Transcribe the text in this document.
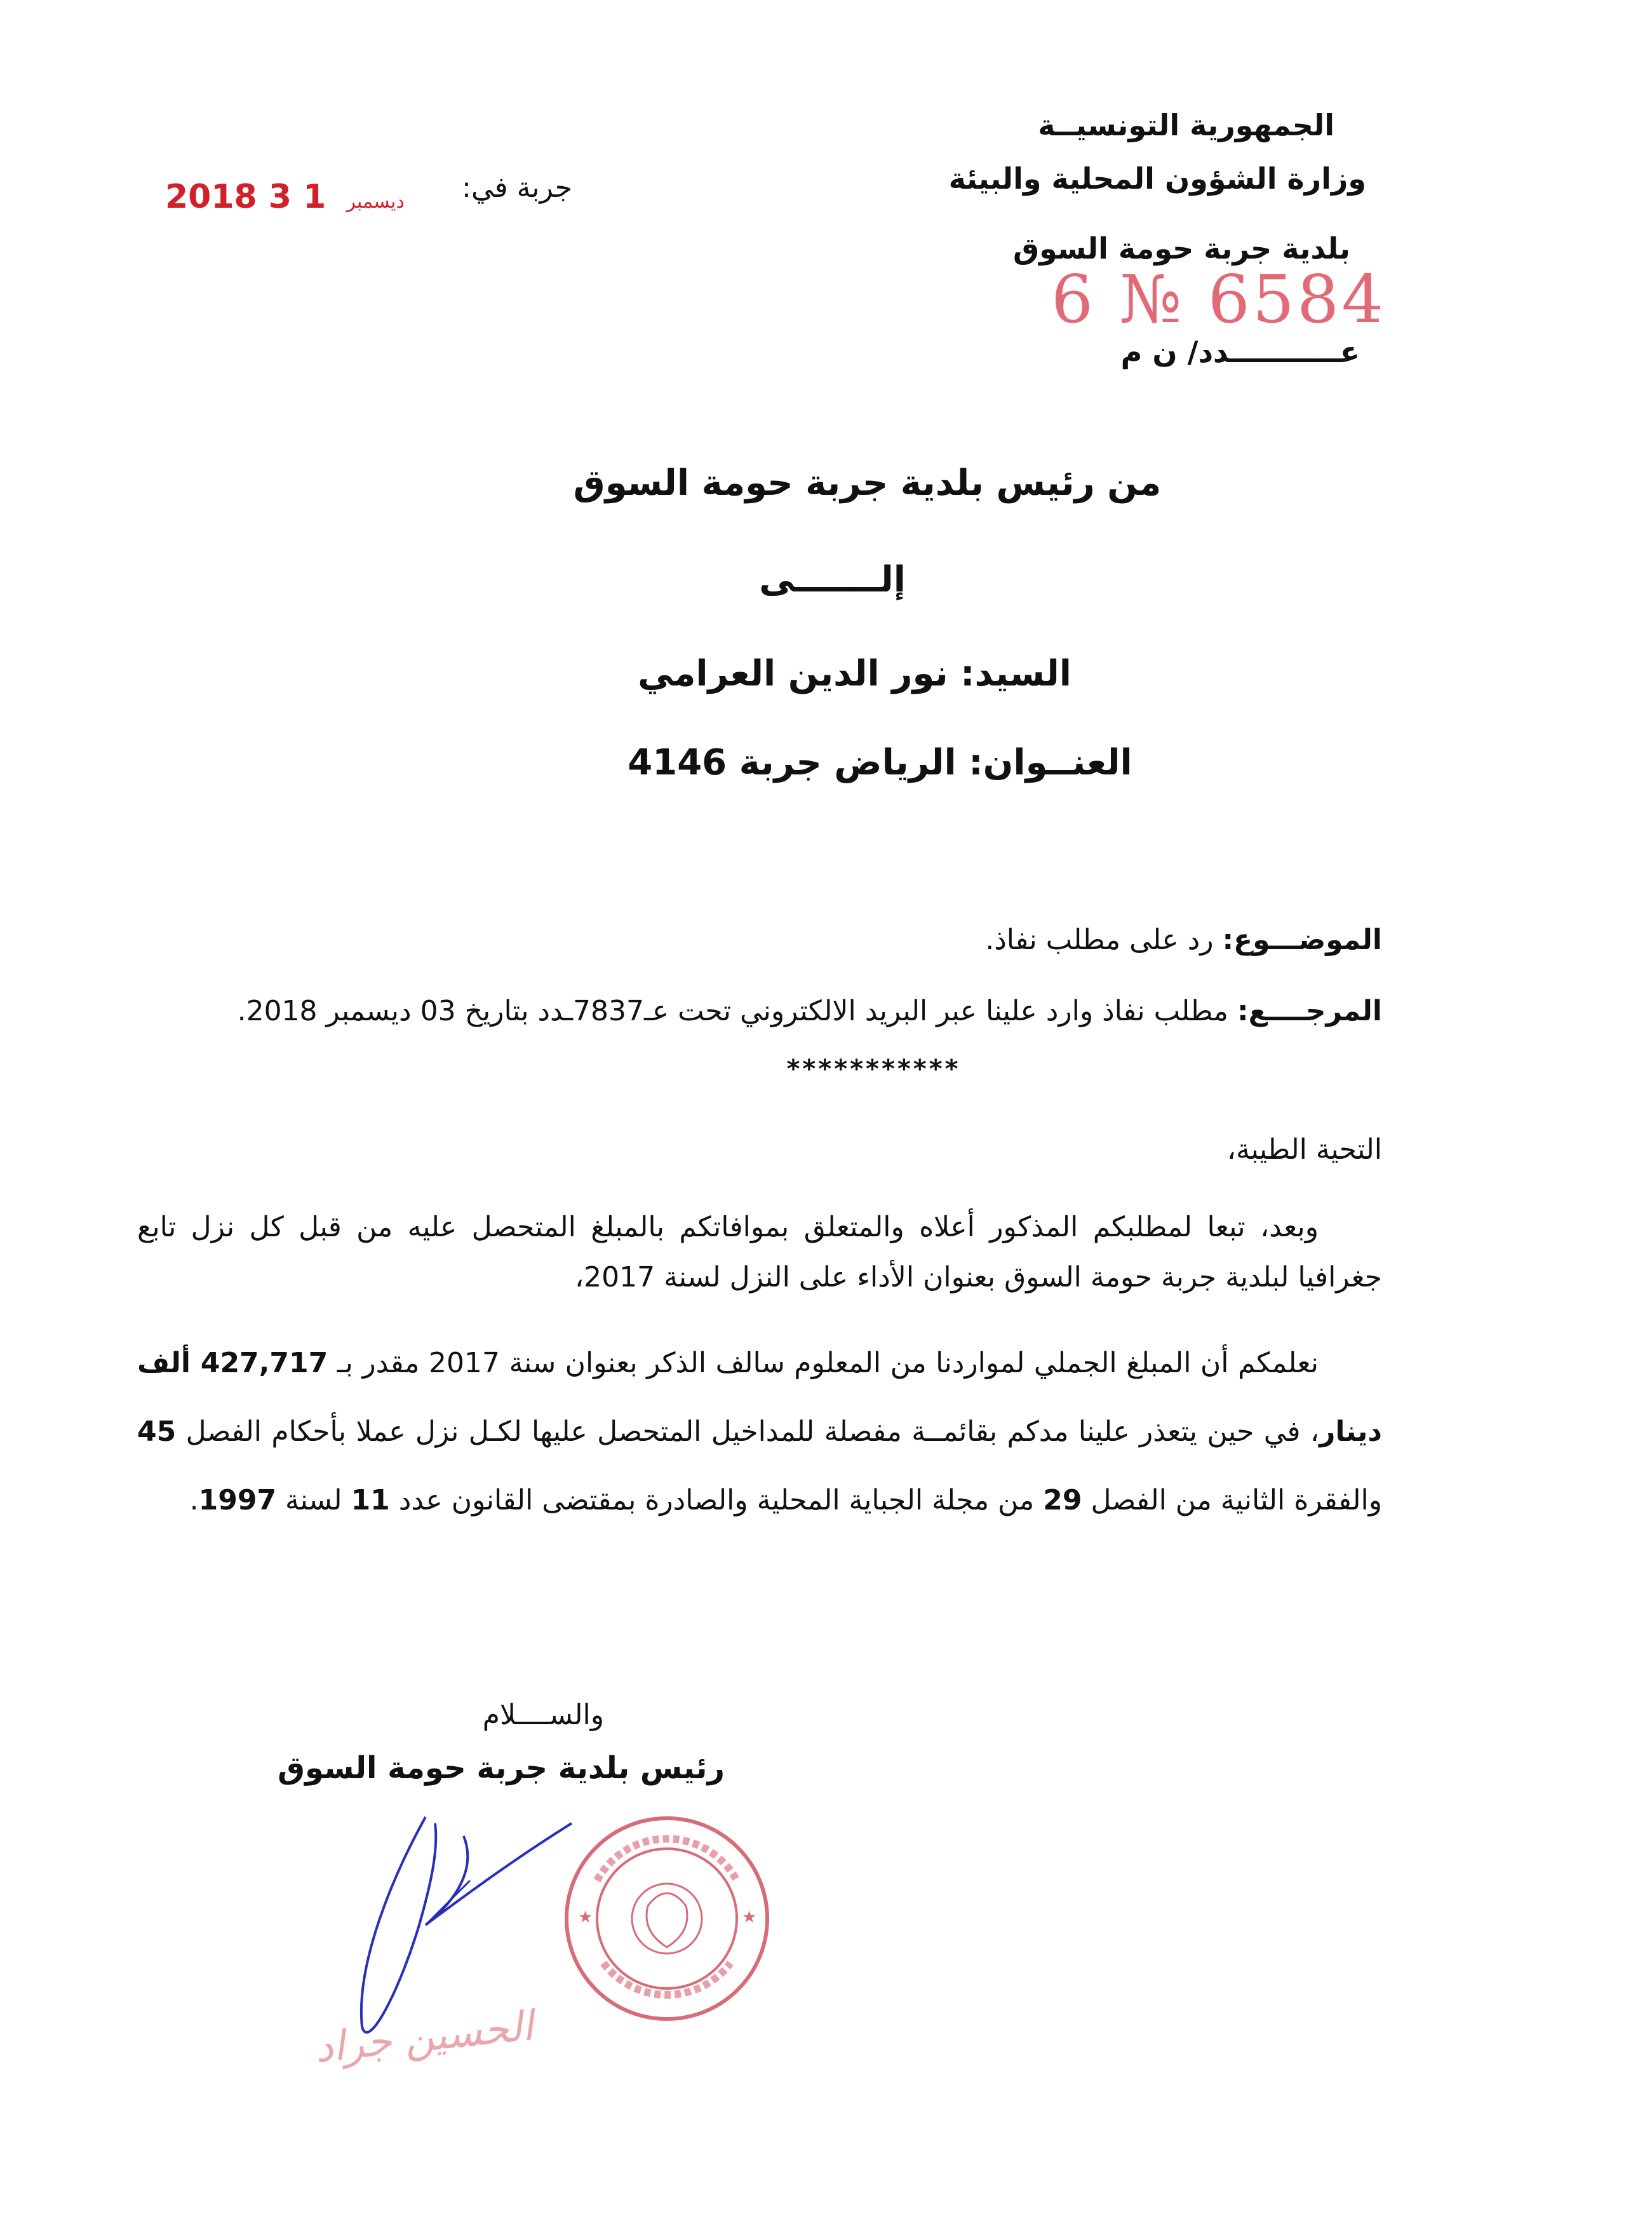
الجمهورية التونسيــة
وزارة الشؤون المحلية والبيئة
بلدية جربة حومة السوق
6 № 6584
عـــــــــــدد/ ن م
جربة في:
2018	ديسمبر 1 3
من رئيس بلدية جربة حومة السوق
إلـــــــى
السيد: نور الدين العرامي
العنــوان: الرياض جربة 4146
الموضـــوع: رد على مطلب نفاذ.
المرجــــع: مطلب نفاذ وارد علينا عبر البريد الالكتروني تحت عـ7837ـدد بتاريخ 03 ديسمبر 2018.
***********
التحية الطيبة،
وبعد، تبعا لمطلبكم المذكور أعلاه والمتعلق بموافاتكم بالمبلغ المتحصل عليه من قبل كل نزل تابع جغرافيا لبلدية جربة حومة السوق بعنوان الأداء على النزل لسنة 2017،
نعلمكم أن المبلغ الجملي لمواردنا من المعلوم سالف الذكر بعنوان سنة 2017 مقدر بـ 427,717 ألف دينار، في حين يتعذر علينا مدكم بقائمــة مفصلة للمداخيل المتحصل عليها لكـل نزل عملا بأحكام الفصل 45 والفقرة الثانية من الفصل 29 من مجلة الجباية المحلية والصادرة بمقتضى القانون عدد 11 لسنة 1997.
والســــلام
رئيس بلدية جربة حومة السوق
★	★
الحسين جراد
